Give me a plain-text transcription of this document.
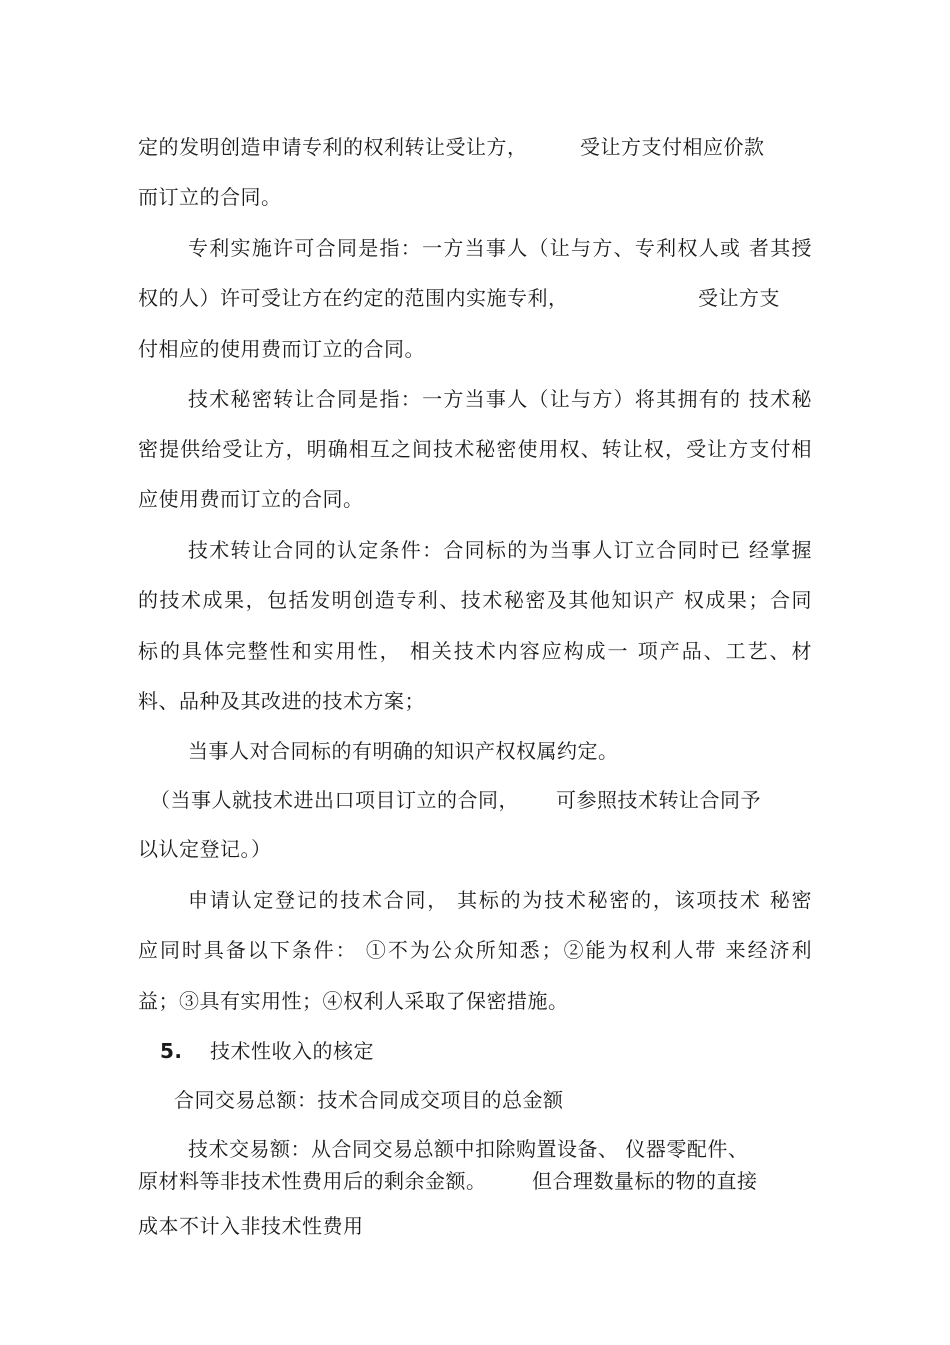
定的发明创造申请专利的权利转让受让方，	受让方支付相应价款
而订立的合同。
专利实施许可合同是指：一方当事人（让与方、专利权人或 者其授
权的人）许可受让方在约定的范围内实施专利，	受让方支
付相应的使用费而订立的合同。
技术秘密转让合同是指：一方当事人（让与方）将其拥有的 技术秘
密提供给受让方，明确相互之间技术秘密使用权、转让权，受让方支付相
应使用费而订立的合同。
技术转让合同的认定条件：合同标的为当事人订立合同时已 经掌握
的技术成果，包括发明创造专利、技术秘密及其他知识产 权成果；合同
标的具体完整性和实用性， 相关技术内容应构成一 项产品、工艺、材
料、品种及其改进的技术方案；
当事人对合同标的有明确的知识产权权属约定。
（当事人就技术进出口项目订立的合同， 可参照技术转让合同予
以认定登记。）
申请认定登记的技术合同， 其标的为技术秘密的，该项技术 秘密
应同时具备以下条件： ①不为公众所知悉；②能为权利人带 来经济利
益；③具有实用性；④权利人采取了保密措施。
5. 技术性收入的核定
合同交易总额：技术合同成交项目的总金额
技术交易额：从合同交易总额中扣除购置设备、 仪器零配件、
原材料等非技术性费用后的剩余金额。 但合理数量标的物的直接
成本不计入非技术性费用
